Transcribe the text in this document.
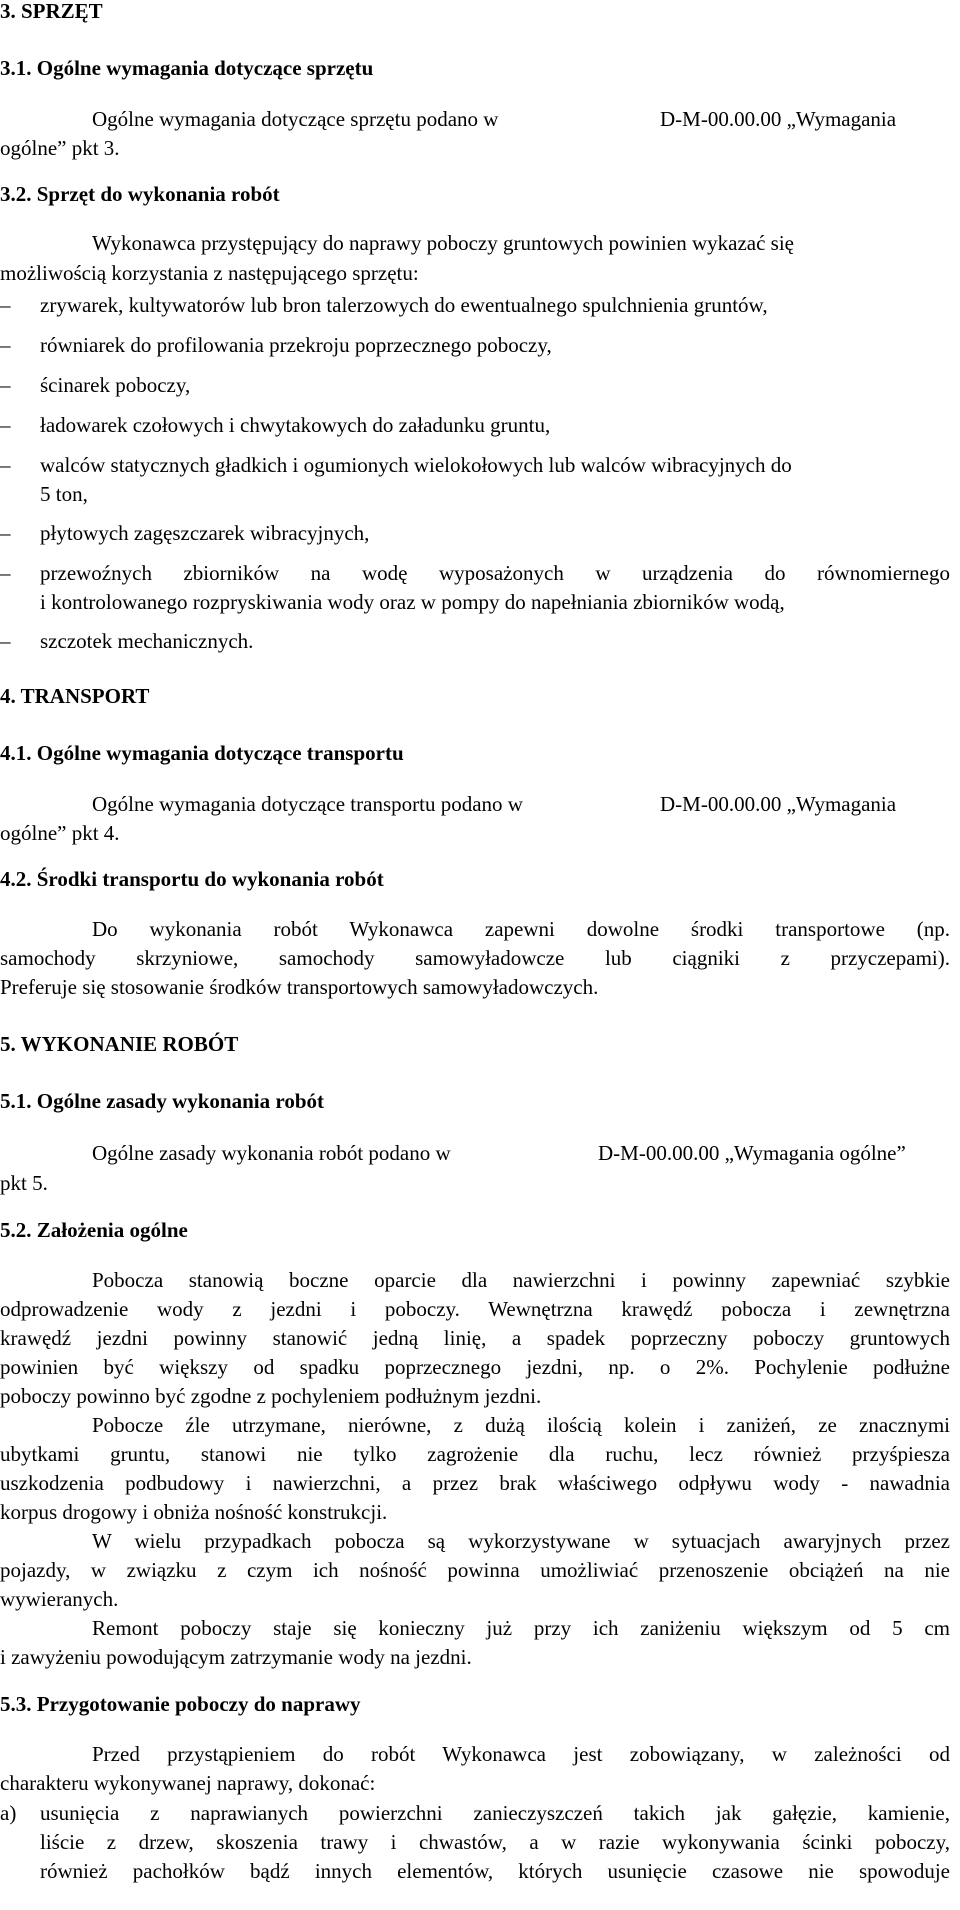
3. SPRZĘT
3.1. Ogólne wymagania dotyczące sprzętu
Ogólne wymagania dotyczące sprzętu podano w	D-M-00.00.00 „Wymagania
ogólne” pkt 3.
3.2. Sprzęt do wykonania robót
Wykonawca przystępujący do naprawy poboczy gruntowych powinien wykazać się
możliwością korzystania z następującego sprzętu:
– zrywarek, kultywatorów lub bron talerzowych do ewentualnego spulchnienia gruntów,
– równiarek do profilowania przekroju poprzecznego poboczy,
– ścinarek poboczy,
– ładowarek czołowych i chwytakowych do załadunku gruntu,
– walców statycznych gładkich i ogumionych wielokołowych lub walców wibracyjnych do
5 ton,
– płytowych zagęszczarek wibracyjnych,
– przewoźnych zbiorników na wodę wyposażonych w urządzenia do równomiernego
i kontrolowanego rozpryskiwania wody oraz w pompy do napełniania zbiorników wodą,
– szczotek mechanicznych.
4. TRANSPORT
4.1. Ogólne wymagania dotyczące transportu
Ogólne wymagania dotyczące transportu podano w	D-M-00.00.00 „Wymagania
ogólne” pkt 4.
4.2. Środki transportu do wykonania robót
Do wykonania robót Wykonawca zapewni dowolne środki transportowe (np.
samochody skrzyniowe, samochody samowyładowcze lub ciągniki z przyczepami).
Preferuje się stosowanie środków transportowych samowyładowczych.
5. WYKONANIE ROBÓT
5.1. Ogólne zasady wykonania robót
Ogólne zasady wykonania robót podano w	D-M-00.00.00 „Wymagania ogólne”
pkt 5.
5.2. Założenia ogólne
Pobocza stanowią boczne oparcie dla nawierzchni i powinny zapewniać szybkie
odprowadzenie wody z jezdni i poboczy. Wewnętrzna krawędź pobocza i zewnętrzna
krawędź jezdni powinny stanowić jedną linię, a spadek poprzeczny poboczy gruntowych
powinien być większy od spadku poprzecznego jezdni, np. o 2%. Pochylenie podłużne
poboczy powinno być zgodne z pochyleniem podłużnym jezdni.
Pobocze źle utrzymane, nierówne, z dużą ilością kolein i zaniżeń, ze znacznymi
ubytkami gruntu, stanowi nie tylko zagrożenie dla ruchu, lecz również przyśpiesza
uszkodzenia podbudowy i nawierzchni, a przez brak właściwego odpływu wody - nawadnia
korpus drogowy i obniża nośność konstrukcji.
W wielu przypadkach pobocza są wykorzystywane w sytuacjach awaryjnych przez
pojazdy, w związku z czym ich nośność powinna umożliwiać przenoszenie obciążeń na nie
wywieranych.
Remont poboczy staje się konieczny już przy ich zaniżeniu większym od 5 cm
i zawyżeniu powodującym zatrzymanie wody na jezdni.
5.3. Przygotowanie poboczy do naprawy
Przed przystąpieniem do robót Wykonawca jest zobowiązany, w zależności od
charakteru wykonywanej naprawy, dokonać:
a) usunięcia z naprawianych powierzchni zanieczyszczeń takich jak gałęzie, kamienie,
liście z drzew, skoszenia trawy i chwastów, a w razie wykonywania ścinki poboczy,
również pachołków bądź innych elementów, których usunięcie czasowe nie spowoduje
